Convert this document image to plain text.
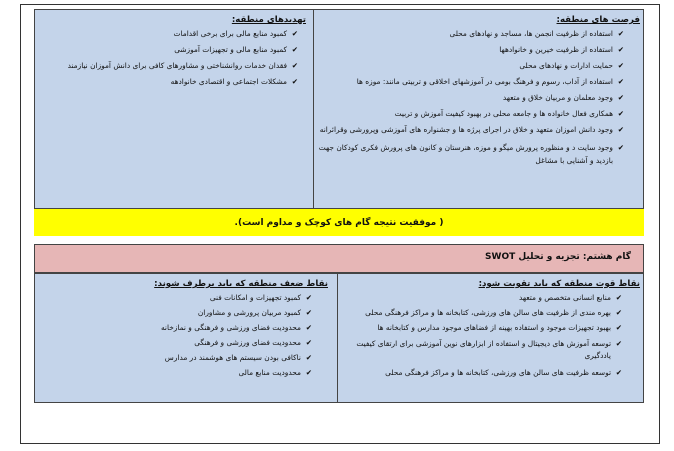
فرصت های منطقه:
✔
استفاده از ظرفیت انجمن ها، مساجد و نهادهای محلی
✔
استفاده از ظرفیت خیرین و خانوادهها
✔
حمایت ادارات و نهادهای محلی
✔
استفاده از آداب، رسوم و فرهنگ بومی در آموزشهای اخلاقی و تربیتی مانند: موزه ها
✔
وجود معلمان و مربیان خلاق و متعهد
✔
همکاری فعال خانواده ها و جامعه محلی در بهبود کیفیت آموزش و تربیت
✔
وجود دانش اموزان متعهد و خلاق در اجرای پرژه ها و جشنواره های آموزشی وپرورشی وقرائرانه
✔
وجود سایت د و منظوره پرورش میگو و موزه، هنرستان و کانون های پرورش فکری کودکان جهت بازدید و آشنایی با مشاغل
تهدیدهای منطقه:
✔
کمبود منابع مالی برای برخی اقدامات
✔
کمبود منابع مالی و تجهیزات آموزشی
✔
فقدان خدمات روانشناختی و مشاورهای کافی برای دانش آموزان نیازمند
✔
مشکلات اجتماعی و اقتصادی خانوادهه
( موفقیت نتیجه گام های کوچک و مداوم است).
گام هشتم: تجزیه و تحلیل SWOT
نقاط قوت منطقه که باید تقویت شود:
✔
منابع انسانی متخصص و متعهد
✔
بهره مندی از ظرفیت های سالن های ورزشی، کتابخانه ها و مراکز فرهنگی محلی
✔
بهبود تجهیزات موجود و استفاده بهینه از فضاهای موجود مدارس و کتابخانه ها
✔
توسعه آموزش های دیجیتال و استفاده از ابزارهای نوین آموزشی برای ارتقای کیفیت یاددگیری
✔
توسعه ظرفیت های سالن های ورزشی، کتابخانه ها و مراکز فرهنگی محلی
نقاط ضعف منطقه که باید برطرف شوند:
✔
کمبود تجهیزات و امکانات فنی
✔
کمبود مربیان پرورشی و مشاوران
✔
محدودیت فضای ورزشی و فرهنگی و نمازخانه
✔
محدودیت فضای ورزشی و فرهنگی
✔
ناکافی بودن سیستم های هوشمند در مدارس
✔
محدودیت منابع مالی
